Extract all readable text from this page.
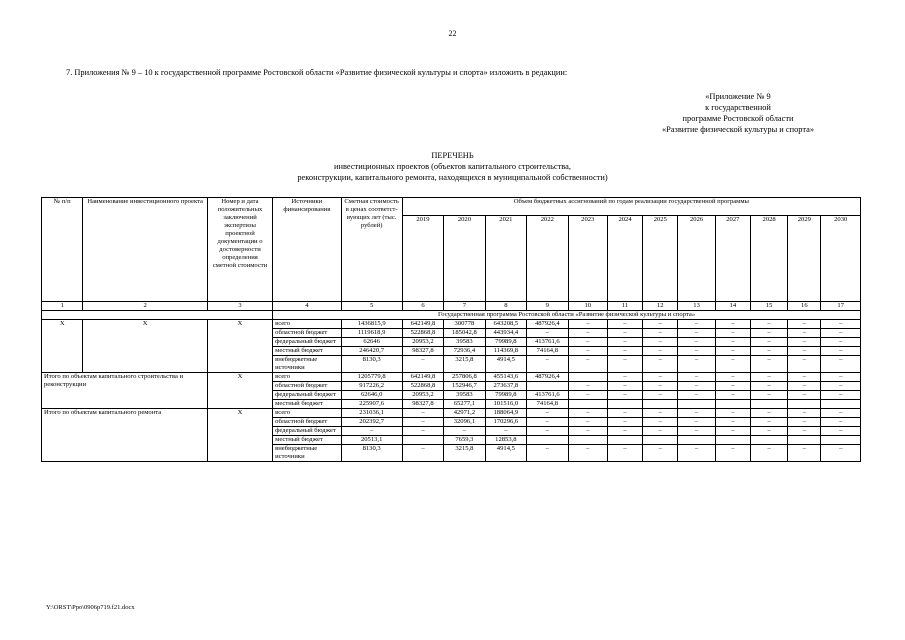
22
7. Приложения № 9 – 10 к государственной программе Ростовской области «Развитие физической культуры и спорта» изложить в редакции:
«Приложение № 9
к государственной
программе Ростовской области
«Развитие физической культуры и спорта»
ПЕРЕЧЕНЬ
инвестиционных проектов (объектов капитального строительства,
реконструкции, капитального ремонта, находящихся в муниципальной собственности)
№ п/п	Наименование инвестиционного проекта	Номер и дата положительных заключений экспертизы проектной документации о достоверности определения сметной стоимости	Источники финансирования	Сметная стоимость в ценах соответст-вующих лет (тыс. рублей)	Объем бюджетных ассигнований по годам реализации государственной программы											
					2019	2020	2021	2022	2023	2024	2025	2026	2027	2028	2029	2030
1	2	3	4	5	6	7	8	9	10	11	12	13	14	15	16	17
			Государственная программа Ростовской области «Развитие физической культуры и спорта»													
Х	Х	Х	всего	1436815,9	642149,8	300778	643208,5	487926,4	–	–	–	–	–	–	–	–
			областной бюджет	1119618,9	522868,8	185042,8	443934,4	–	–	–	–	–	–	–	–	–
			федеральный бюджет	62646	20953,2	39583	79989,8	413761,6	–	–	–	–	–	–	–	–
			местный бюджет	246420,7	98327,8	72936,4	114369,8	74164,8	–	–	–	–	–	–	–	–
			внебюджетные источники	8130,3	–	3215,8	4914,5	–	–	–	–	–	–	–	–	–
Итого по объектам капитального строительства и реконструкции		Х	всего	1205779,8	642149,8	257806,8	455143,6	487926,4		–	–	–	–	–	–	–
			областной бюджет	917226,2	522868,8	152946,7	273637,8		–	–	–	–	–	–	–	–
			федеральный бюджет	62646,0	20953,2	39583	79989,8	413761,6	–	–	–	–	–	–	–	–
			местный бюджет	225907,6	98327,8	65277,1	101516,0	74164,8								
Итого по объектам капитального ремонта		Х	всего	231036,1	–	42971,2	188064,9	–	–	–	–	–	–	–	–	–
			областной бюджет	202392,7	–	32096,1	170296,6	–	–	–	–	–	–	–	–	–
			федеральный бюджет	–	–	–	–	–	–	–	–	–	–	–	–	–
			местный бюджет	20513,1		7659,3	12853,8									
			внебюджетные источники	8130,3	–	3215,8	4914,5	–	–	–	–	–	–	–	–	–
Y:\ORST\Ppo\0906p719.f21.docx
